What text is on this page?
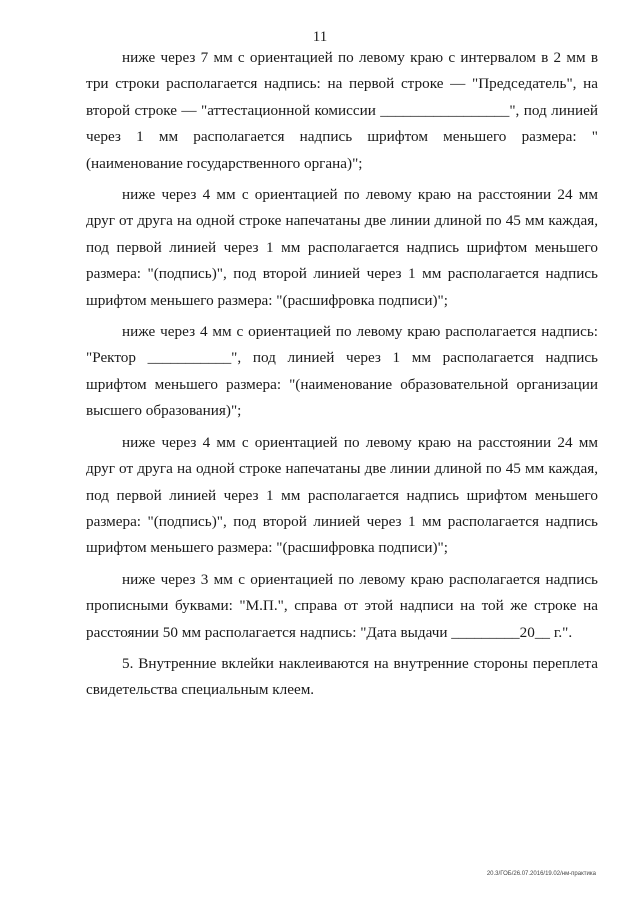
11

ниже через 7 мм с ориентацией по левому краю с интервалом в 2 мм в три строки располагается надпись: на первой строке — "Председатель", на второй строке — "аттестационной комиссии _________________", под линией через 1 мм располагается надпись шрифтом меньшего размера: "(наименование государственного органа)";

ниже через 4 мм с ориентацией по левому краю на расстоянии 24 мм друг от друга на одной строке напечатаны две линии длиной по 45 мм каждая, под первой линией через 1 мм располагается надпись шрифтом меньшего размера: "(подпись)", под второй линией через 1 мм располагается надпись шрифтом меньшего размера: "(расшифровка подписи)";

ниже через 4 мм с ориентацией по левому краю располагается надпись: "Ректор ___________", под линией через 1 мм располагается надпись шрифтом меньшего размера: "(наименование образовательной организации высшего образования)";

ниже через 4 мм с ориентацией по левому краю на расстоянии 24 мм друг от друга на одной строке напечатаны две линии длиной по 45 мм каждая, под первой линией через 1 мм располагается надпись шрифтом меньшего размера: "(подпись)", под второй линией через 1 мм располагается надпись шрифтом меньшего размера: "(расшифровка подписи)";

ниже через 3 мм с ориентацией по левому краю располагается надпись прописными буквами: "М.П.", справа от этой надписи на той же строке на расстоянии 50 мм располагается надпись: "Дата выдачи _________20__ г.".

5. Внутренние вклейки наклеиваются на внутренние стороны переплета свидетельства специальным клеем.

20.3/ГОБ/26.07.2016/19.02/нм-практика
